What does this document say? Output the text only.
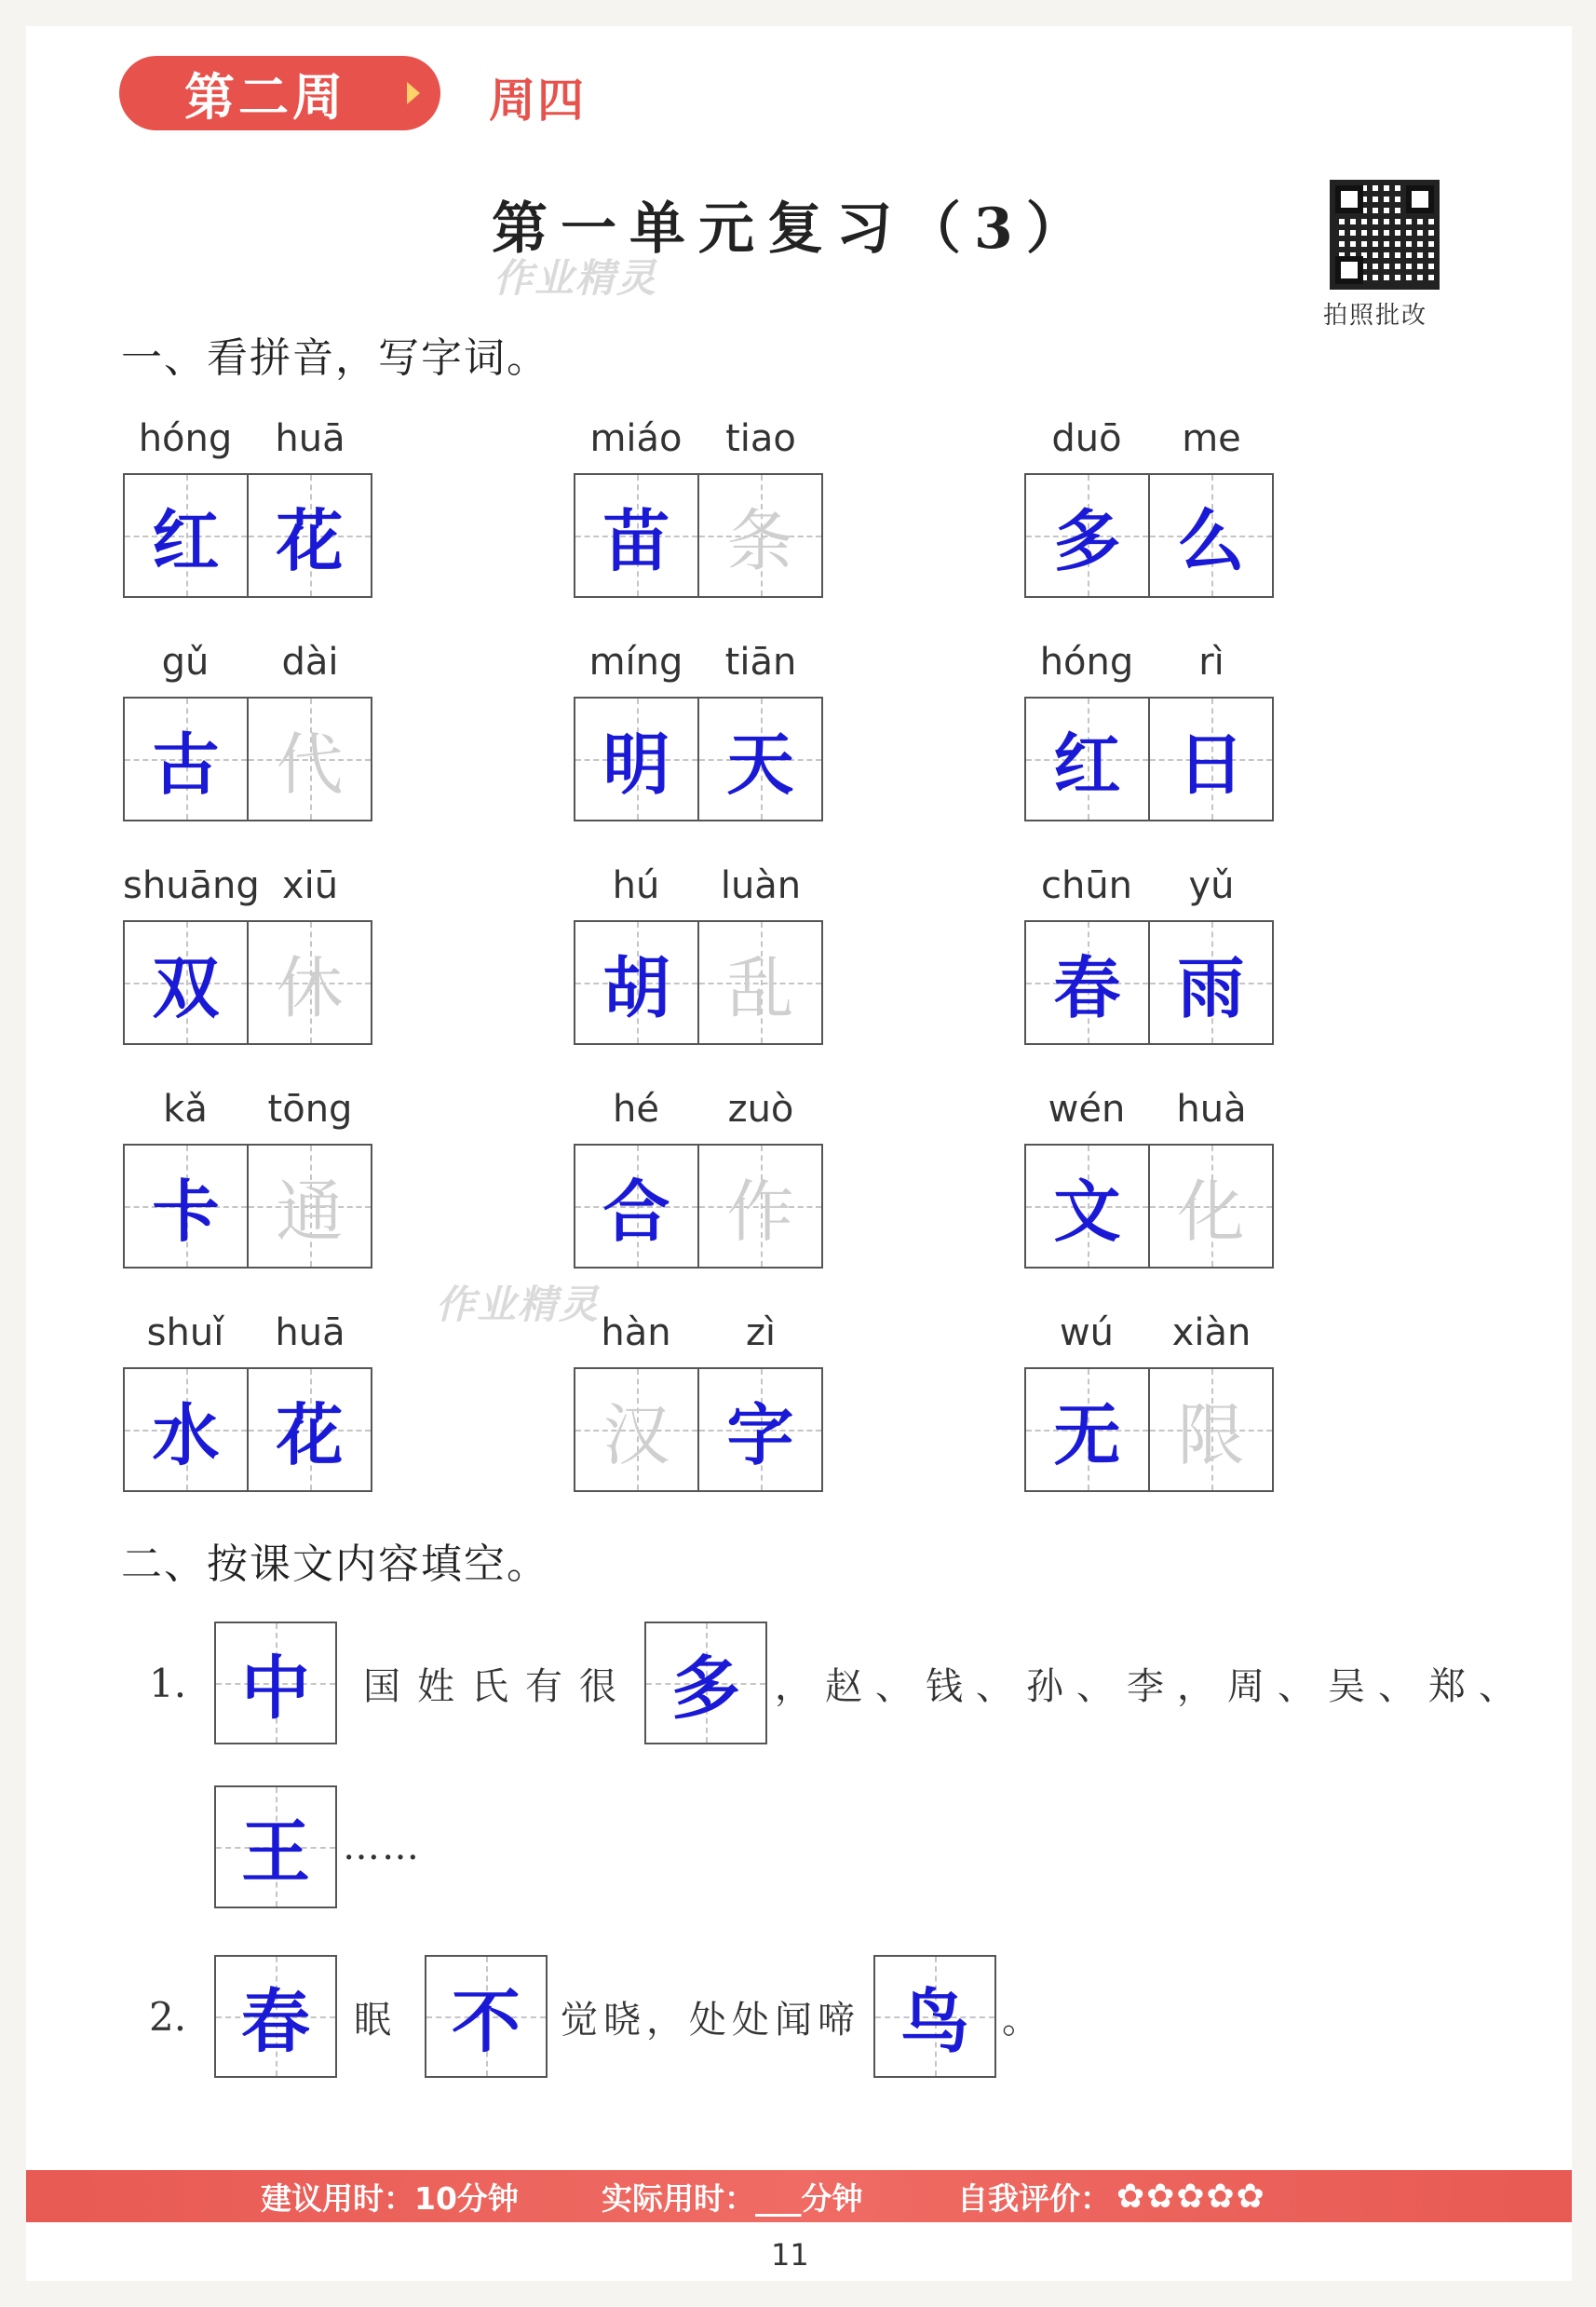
第二周	周四
第一单元复习（3）
作业精灵
拍照批改
一、看拼音，写字词。
hóng	huā
红 花
miáo	tiao
苗 条
duō	me
多 么
gǔ	dài
古 代
míng	tiān
明 天
hóng	rì
红 日
shuāng xiū
双 休
hú	luàn
胡 乱
chūn	yǔ
春 雨
kǎ	tōng
卡 通
hé	zuò
合 作
wén	huà
文 化
shuǐ	huā
水 花
hàn	zì
汉 字
wú	xiàn
无 限
作业精灵
二、按课文内容填空。
1. 中	国姓氏有很 多 ，赵、钱、孙、李，周、吴、郑、
王 ……
2. 春	眠 不	觉晓，处处闻啼 鸟 。
建议用时：10分钟	实际用时：___分钟	自我评价： ✿✿✿✿✿
11
